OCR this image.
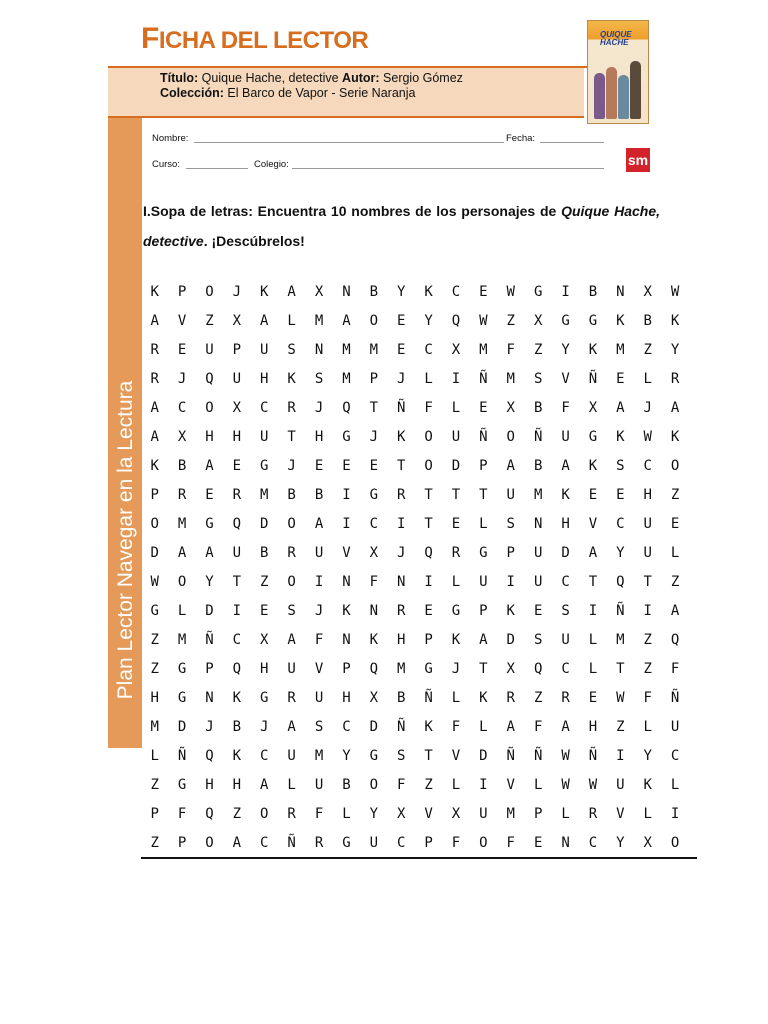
FICHA DEL LECTOR
Plan Lector Navegar en la Lectura
Título: Quique Hache, detective Autor: Sergio Gómez
Colección: El Barco de Vapor - Serie Naranja
QUIQUE
HACHE
Nombre:	Fecha:
Curso:	Colegio:	sm
I.Sopa de letras: Encuentra 10 nombres de los personajes de Quique Hache, detective. ¡Descúbrelos!
K	P	O	J	K	A	X	N	B	Y	K	C	E	W	G	I	B	N	X	W
A	V	Z	X	A	L	M	A	O	E	Y	Q	W	Z	X	G	G	K	B	K
R	E	U	P	U	S	N	M	M	E	C	X	M	F	Z	Y	K	M	Z	Y
R	J	Q	U	H	K	S	M	P	J	L	I	Ñ	M	S	V	Ñ	E	L	R
A	C	O	X	C	R	J	Q	T	Ñ	F	L	E	X	B	F	X	A	J	A
A	X	H	H	U	T	H	G	J	K	O	U	Ñ	O	Ñ	U	G	K	W	K
K	B	A	E	G	J	E	E	E	T	O	D	P	A	B	A	K	S	C	O
P	R	E	R	M	B	B	I	G	R	T	T	T	U	M	K	E	E	H	Z
O	M	G	Q	D	O	A	I	C	I	T	E	L	S	N	H	V	C	U	E
D	A	A	U	B	R	U	V	X	J	Q	R	G	P	U	D	A	Y	U	L
W	O	Y	T	Z	O	I	N	F	N	I	L	U	I	U	C	T	Q	T	Z
G	L	D	I	E	S	J	K	N	R	E	G	P	K	E	S	I	Ñ	I	A
Z	M	Ñ	C	X	A	F	N	K	H	P	K	A	D	S	U	L	M	Z	Q
Z	G	P	Q	H	U	V	P	Q	M	G	J	T	X	Q	C	L	T	Z	F
H	G	N	K	G	R	U	H	X	B	Ñ	L	K	R	Z	R	E	W	F	Ñ
M	D	J	B	J	A	S	C	D	Ñ	K	F	L	A	F	A	H	Z	L	U
L	Ñ	Q	K	C	U	M	Y	G	S	T	V	D	Ñ	Ñ	W	Ñ	I	Y	C
Z	G	H	H	A	L	U	B	O	F	Z	L	I	V	L	W	W	U	K	L
P	F	Q	Z	O	R	F	L	Y	X	V	X	U	M	P	L	R	V	L	I
Z	P	O	A	C	Ñ	R	G	U	C	P	F	O	F	E	N	C	Y	X	O
